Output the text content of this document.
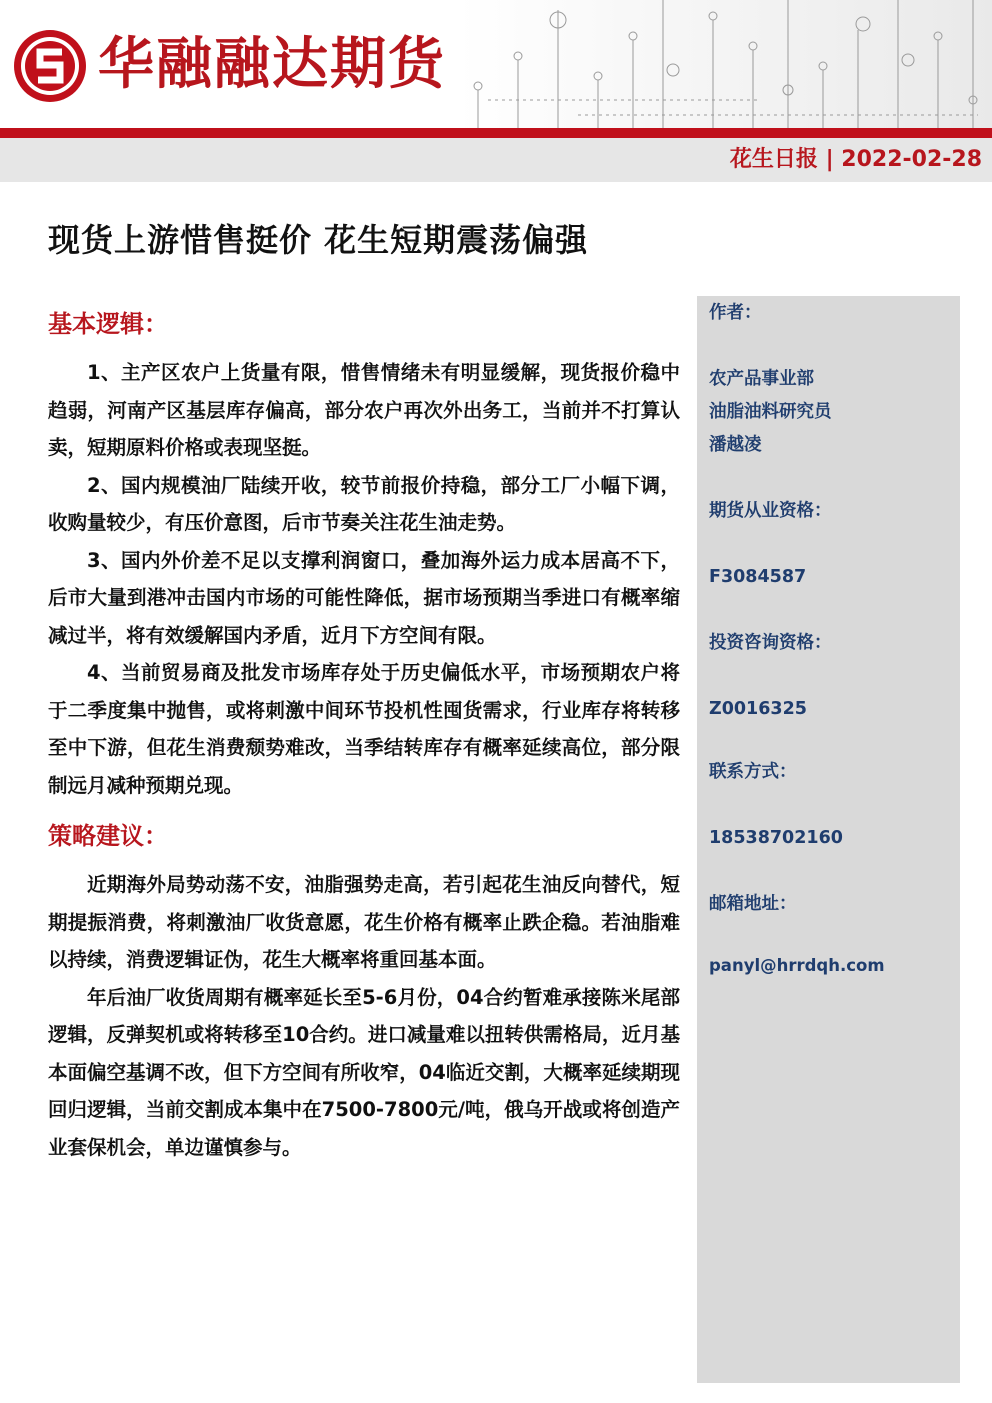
华融融达期货
花生日报 | 2022-02-28
现货上游惜售挺价 花生短期震荡偏强
基本逻辑：

1、主产区农户上货量有限，惜售情绪未有明显缓解，现货报价稳中趋弱，河南产区基层库存偏高，部分农户再次外出务工，当前并不打算认卖，短期原料价格或表现坚挺。

2、国内规模油厂陆续开收，较节前报价持稳，部分工厂小幅下调，收购量较少，有压价意图，后市节奏关注花生油走势。

3、国内外价差不足以支撑利润窗口，叠加海外运力成本居高不下，后市大量到港冲击国内市场的可能性降低，据市场预期当季进口有概率缩减过半，将有效缓解国内矛盾，近月下方空间有限。

4、当前贸易商及批发市场库存处于历史偏低水平，市场预期农户将于二季度集中抛售，或将刺激中间环节投机性囤货需求，行业库存将转移至中下游，但花生消费颓势难改，当季结转库存有概率延续高位，部分限制远月减种预期兑现。

策略建议：

近期海外局势动荡不安，油脂强势走高，若引起花生油反向替代，短期提振消费，将刺激油厂收货意愿，花生价格有概率止跌企稳。若油脂难以持续，消费逻辑证伪，花生大概率将重回基本面。

年后油厂收货周期有概率延长至5-6月份，04合约暂难承接陈米尾部逻辑，反弹契机或将转移至10合约。进口减量难以扭转供需格局，近月基本面偏空基调不改，但下方空间有所收窄，04临近交割，大概率延续期现回归逻辑，当前交割成本集中在7500-7800元/吨，俄乌开战或将创造产业套保机会，单边谨慎参与。

作者：
农产品事业部
油脂油料研究员
潘越凌
期货从业资格：
F3084587
投资咨询资格：
Z0016325
联系方式：
18538702160
邮箱地址：
panyl@hrrdqh.com
